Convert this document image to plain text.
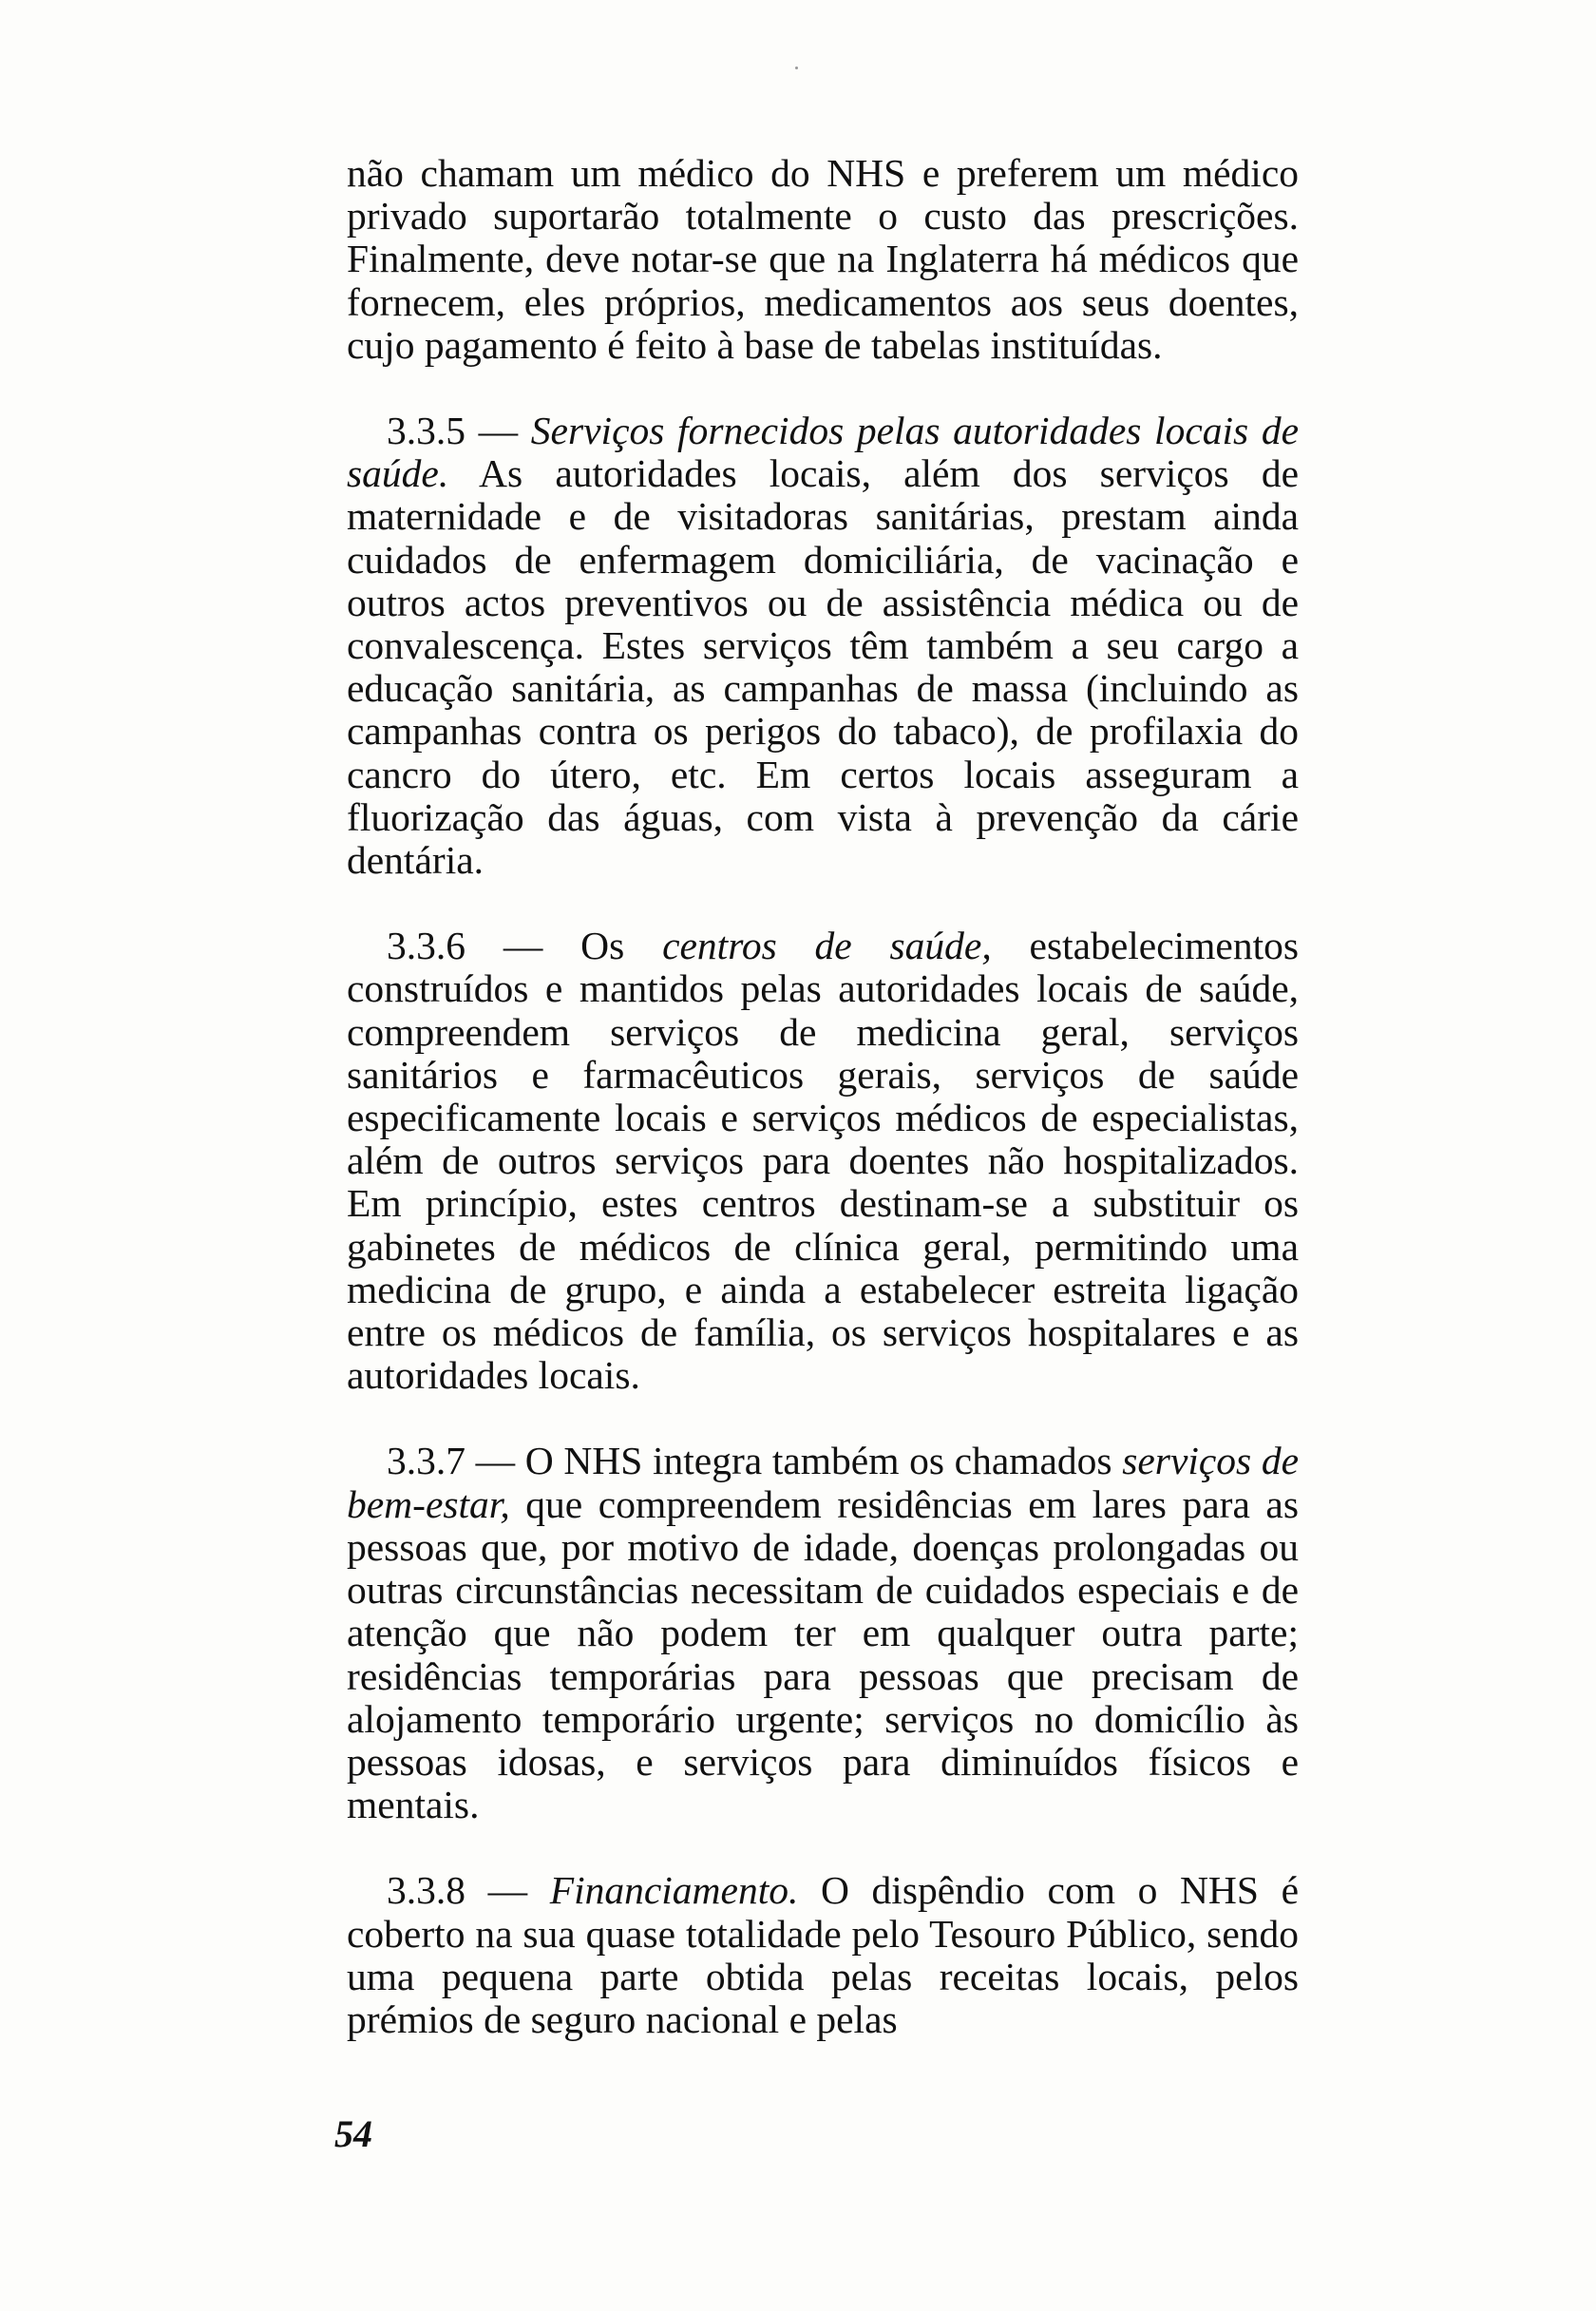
não chamam um médico do NHS e preferem um médico privado suportarão totalmente o custo das prescrições. Finalmente, deve notar-se que na Inglaterra há médicos que fornecem, eles próprios, medicamentos aos seus doentes, cujo pagamento é feito à base de tabelas instituídas.

3.3.5 — Serviços fornecidos pelas autoridades locais de saúde. As autoridades locais, além dos serviços de maternidade e de visitadoras sanitárias, prestam ainda cuidados de enfermagem domiciliária, de vacinação e outros actos preventivos ou de assistência médica ou de convalescença. Estes serviços têm também a seu cargo a educação sanitária, as campanhas de massa (incluindo as campanhas contra os perigos do tabaco), de profilaxia do cancro do útero, etc. Em certos locais asseguram a fluorização das águas, com vista à prevenção da cárie dentária.

3.3.6 — Os centros de saúde, estabelecimentos construídos e mantidos pelas autoridades locais de saúde, compreendem serviços de medicina geral, serviços sanitários e farmacêuticos gerais, serviços de saúde especificamente locais e serviços médicos de especialistas, além de outros serviços para doentes não hospitalizados. Em princípio, estes centros destinam-se a substituir os gabinetes de médicos de clínica geral, permitindo uma medicina de grupo, e ainda a estabelecer estreita ligação entre os médicos de família, os serviços hospitalares e as autoridades locais.

3.3.7 — O NHS integra também os chamados serviços de bem-estar, que compreendem residências em lares para as pessoas que, por motivo de idade, doenças prolongadas ou outras circunstâncias necessitam de cuidados especiais e de atenção que não podem ter em qualquer outra parte; residências temporárias para pessoas que precisam de alojamento temporário urgente; serviços no domicílio às pessoas idosas, e serviços para diminuídos físicos e mentais.

3.3.8 — Financiamento. O dispêndio com o NHS é coberto na sua quase totalidade pelo Tesouro Público, sendo uma pequena parte obtida pelas receitas locais, pelos prémios de seguro nacional e pelas

54
